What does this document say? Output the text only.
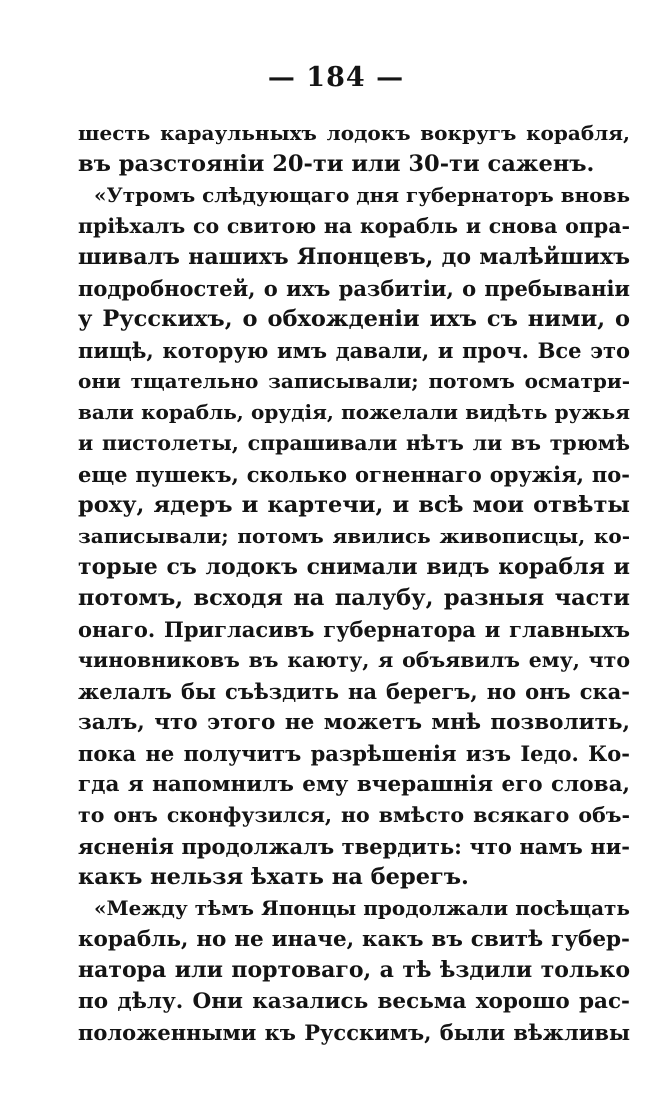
— 184 —
шесть караульныхъ лодокъ вокругъ корабля,
въ разстояніи 20-ти или 30-ти саженъ.
«Утромъ слѣдующаго дня губернаторъ вновь
пріѣхалъ со свитою на корабль и снова опра-
шивалъ нашихъ Японцевъ, до малѣйшихъ
подробностей, о ихъ разбитіи, о пребываніи
у Русскихъ, о обхожденіи ихъ съ ними, о
пищѣ, которую имъ давали, и проч. Все это
они тщательно записывали; потомъ осматри-
вали корабль, орудія, пожелали видѣть ружья
и пистолеты, спрашивали нѣтъ ли въ трюмѣ
еще пушекъ, сколько огненнаго оружія, по-
роху, ядеръ и картечи, и всѣ мои отвѣты
записывали; потомъ явились живописцы, ко-
торые съ лодокъ снимали видъ корабля и
потомъ, всходя на палубу, разныя части
онаго. Пригласивъ губернатора и главныхъ
чиновниковъ въ каюту, я объявилъ ему, что
желалъ бы съѣздить на берегъ, но онъ ска-
залъ, что этого не можетъ мнѣ позволить,
пока не получитъ разрѣшенія изъ Іедо. Ко-
гда я напомнилъ ему вчерашнія его слова,
то онъ сконфузился, но вмѣсто всякаго объ-
ясненія продолжалъ твердить: что намъ ни-
какъ нельзя ѣхать на берегъ.
«Между тѣмъ Японцы продолжали посѣщать
корабль, но не иначе, какъ въ свитѣ губер-
натора или портоваго, а тѣ ѣздили только
по дѣлу. Они казались весьма хорошо рас-
положенными къ Русскимъ, были вѣжливы
